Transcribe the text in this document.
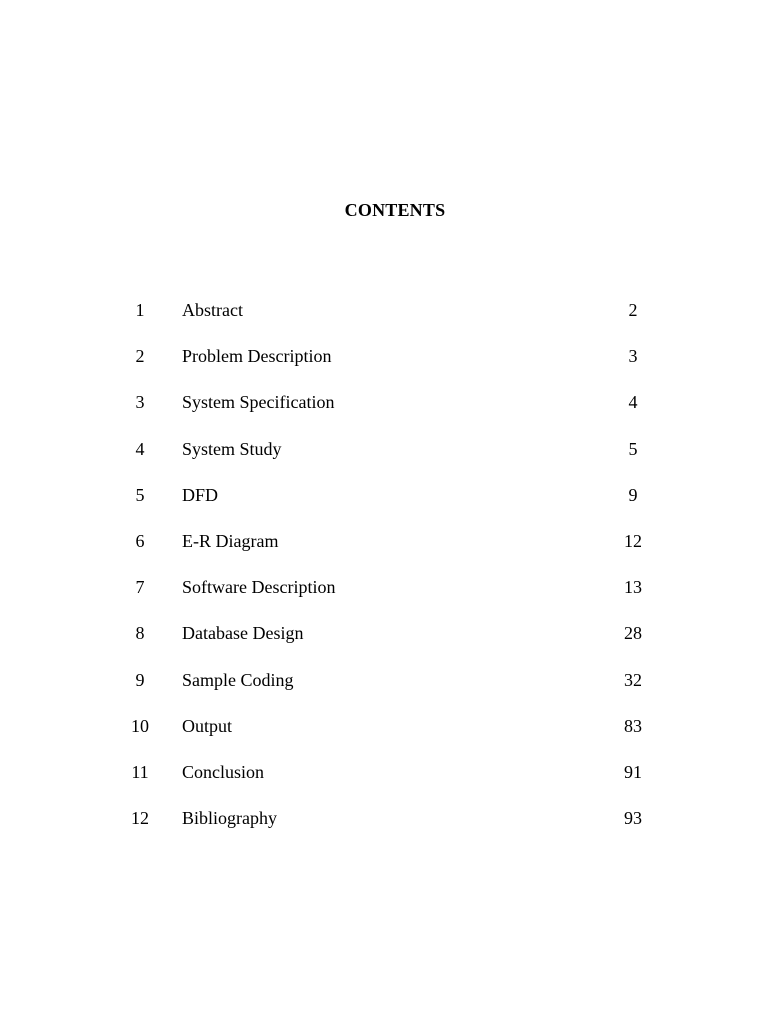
CONTENTS
1	Abstract	2
2	Problem Description	3
3	System Specification	4
4	System Study	5
5	DFD	9
6	E-R Diagram	12
7	Software Description	13
8	Database Design	28
9	Sample Coding	32
10	Output	83
11	Conclusion	91
12	Bibliography	93
